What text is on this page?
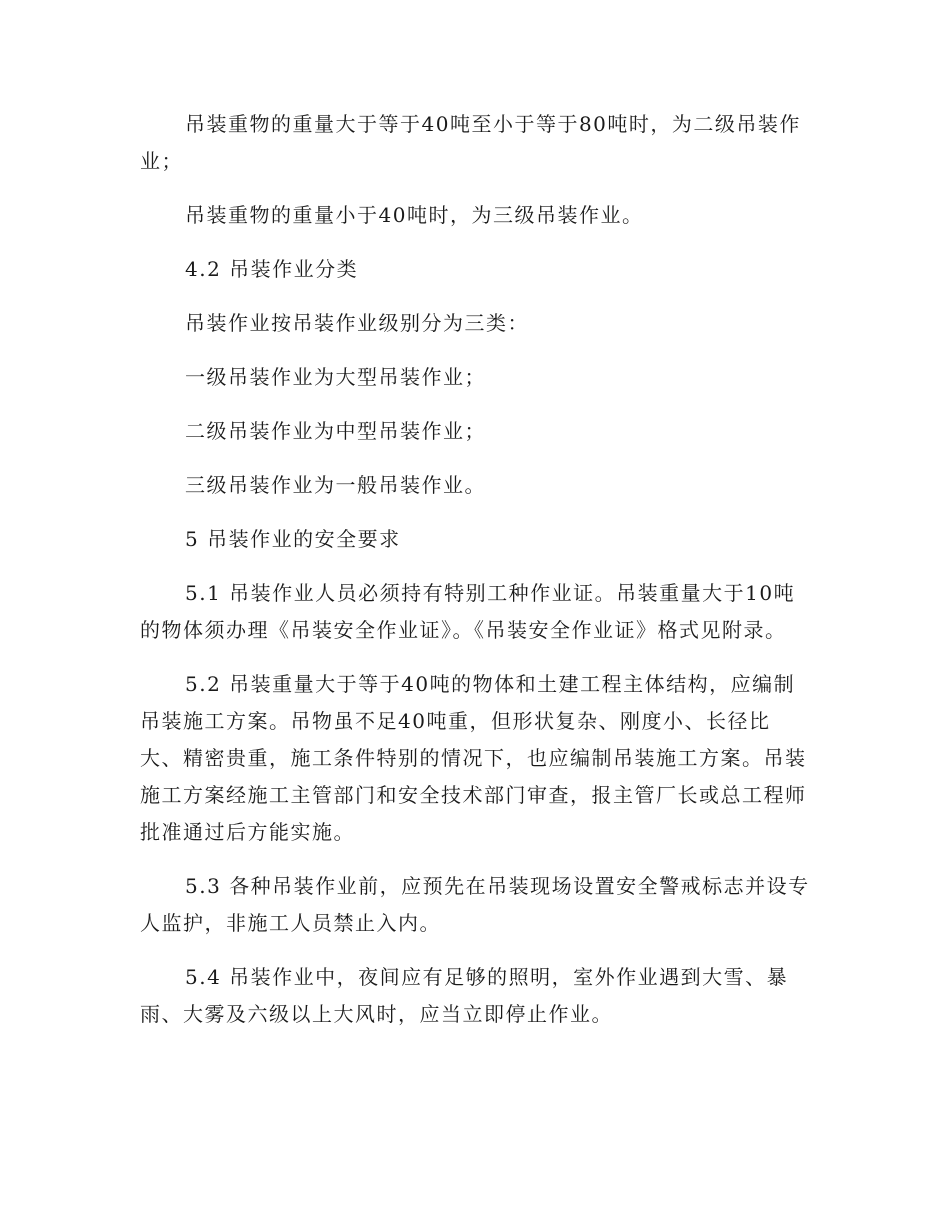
吊装重物的重量大于等于40吨至小于等于80吨时，为二级吊装作业；

吊装重物的重量小于40吨时，为三级吊装作业。

4.2 吊装作业分类

吊装作业按吊装作业级别分为三类：

一级吊装作业为大型吊装作业；

二级吊装作业为中型吊装作业；

三级吊装作业为一般吊装作业。

5 吊装作业的安全要求

5.1 吊装作业人员必须持有特别工种作业证。吊装重量大于10吨的物体须办理《吊装安全作业证》。《吊装安全作业证》格式见附录。

5.2 吊装重量大于等于40吨的物体和土建工程主体结构，应编制吊装施工方案。吊物虽不足40吨重，但形状复杂、刚度小、长径比大、精密贵重，施工条件特别的情况下，也应编制吊装施工方案。吊装施工方案经施工主管部门和安全技术部门审查，报主管厂长或总工程师批准通过后方能实施。

5.3 各种吊装作业前，应预先在吊装现场设置安全警戒标志并设专人监护，非施工人员禁止入内。

5.4 吊装作业中，夜间应有足够的照明，室外作业遇到大雪、暴雨、大雾及六级以上大风时，应当立即停止作业。
